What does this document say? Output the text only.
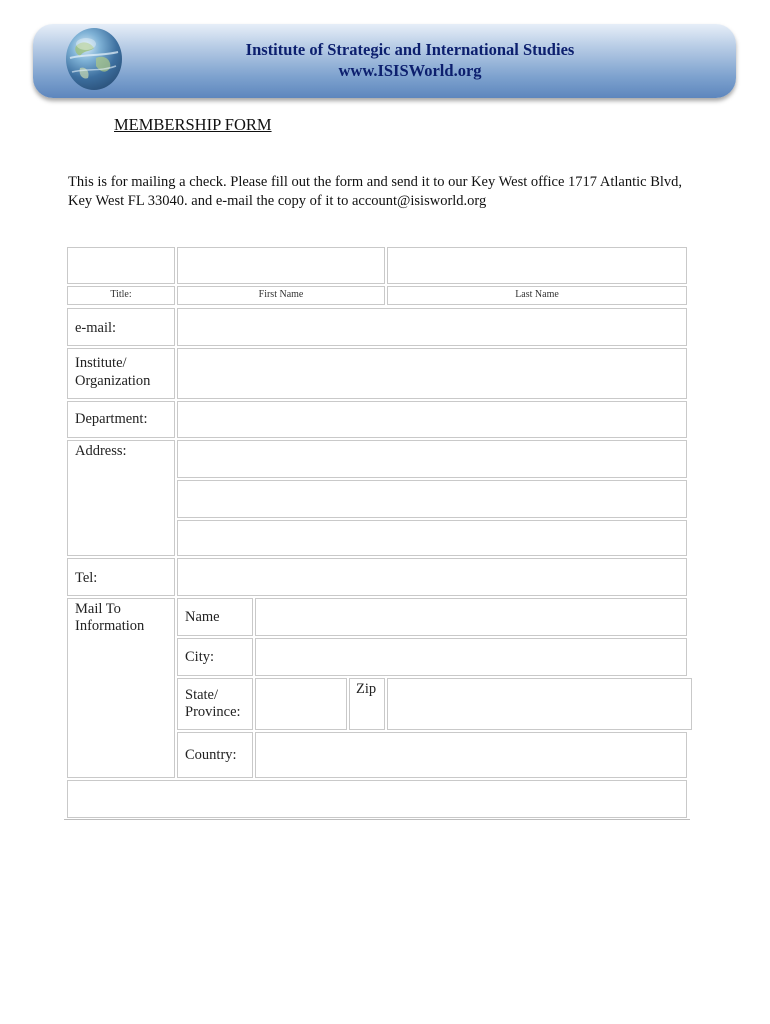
Institute of Strategic and International Studies
www.ISISWorld.org
MEMBERSHIP FORM
This is for mailing a check. Please fill out the form and send it to our Key West office 1717 Atlantic Blvd, Key West FL 33040. and e-mail the copy of it to account@isisworld.org
Title:	First Name	Last Name
e-mail:
Institute/
Organization
Department:
Address:
Tel:
Mail To
Information
Name
City:
State/
Province:
Zip
Country:
